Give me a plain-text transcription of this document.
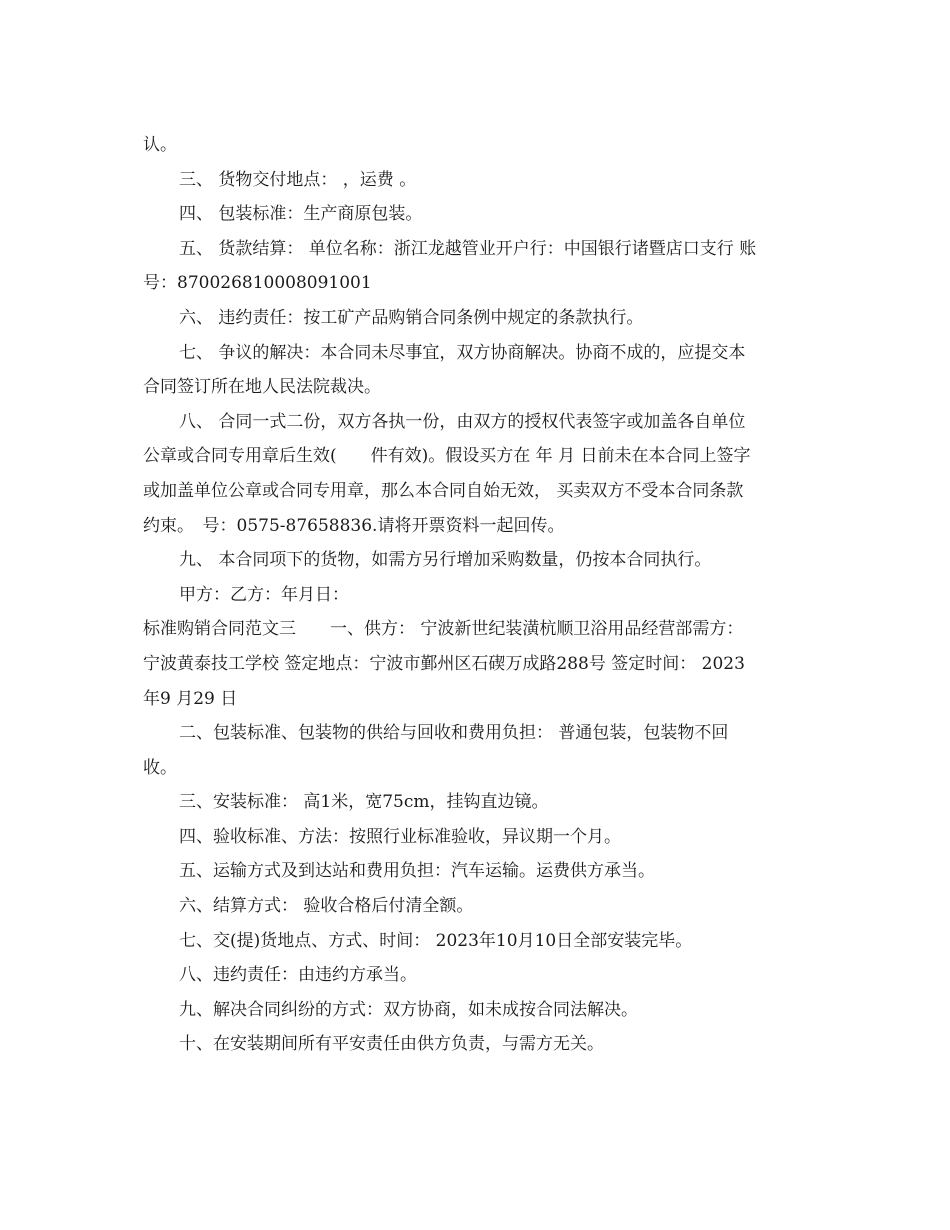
认。

三、 货物交付地点： ，运费 。

四、 包装标准：生产商原包装。

五、 货款结算： 单位名称：浙江龙越管业开户行：中国银行诸暨店口支行 账

号：870026810008091001

六、 违约责任：按工矿产品购销合同条例中规定的条款执行。

七、 争议的解决：本合同未尽事宜，双方协商解决。协商不成的，应提交本

合同签订所在地人民法院裁决。

八、 合同一式二份，双方各执一份，由双方的授权代表签字或加盖各自单位

公章或合同专用章后生效(　　件有效)。假设买方在 年 月 日前未在本合同上签字

或加盖单位公章或合同专用章，那么本合同自始无效， 买卖双方不受本合同条款

约束。　号：0575-87658836.请将开票资料一起回传。

九、 本合同项下的货物，如需方另行增加采购数量，仍按本合同执行。

甲方：乙方：年月日：

标准购销合同范文三　　一、供方： 宁波新世纪装潢杭顺卫浴用品经营部需方：

宁波黄泰技工学校 签定地点：宁波市鄞州区石碶万成路288号 签定时间： 2023

年9 月29 日

二、包装标准、包装物的供给与回收和费用负担： 普通包装，包装物不回

收。

三、安装标准： 高1米，宽75cm，挂钩直边镜。

四、验收标准、方法：按照行业标准验收，异议期一个月。

五、运输方式及到达站和费用负担：汽车运输。运费供方承当。

六、结算方式： 验收合格后付清全额。

七、交(提)货地点、方式、时间： 2023年10月10日全部安装完毕。

八、违约责任：由违约方承当。

九、解决合同纠纷的方式：双方协商，如未成按合同法解决。

十、在安装期间所有平安责任由供方负责，与需方无关。
